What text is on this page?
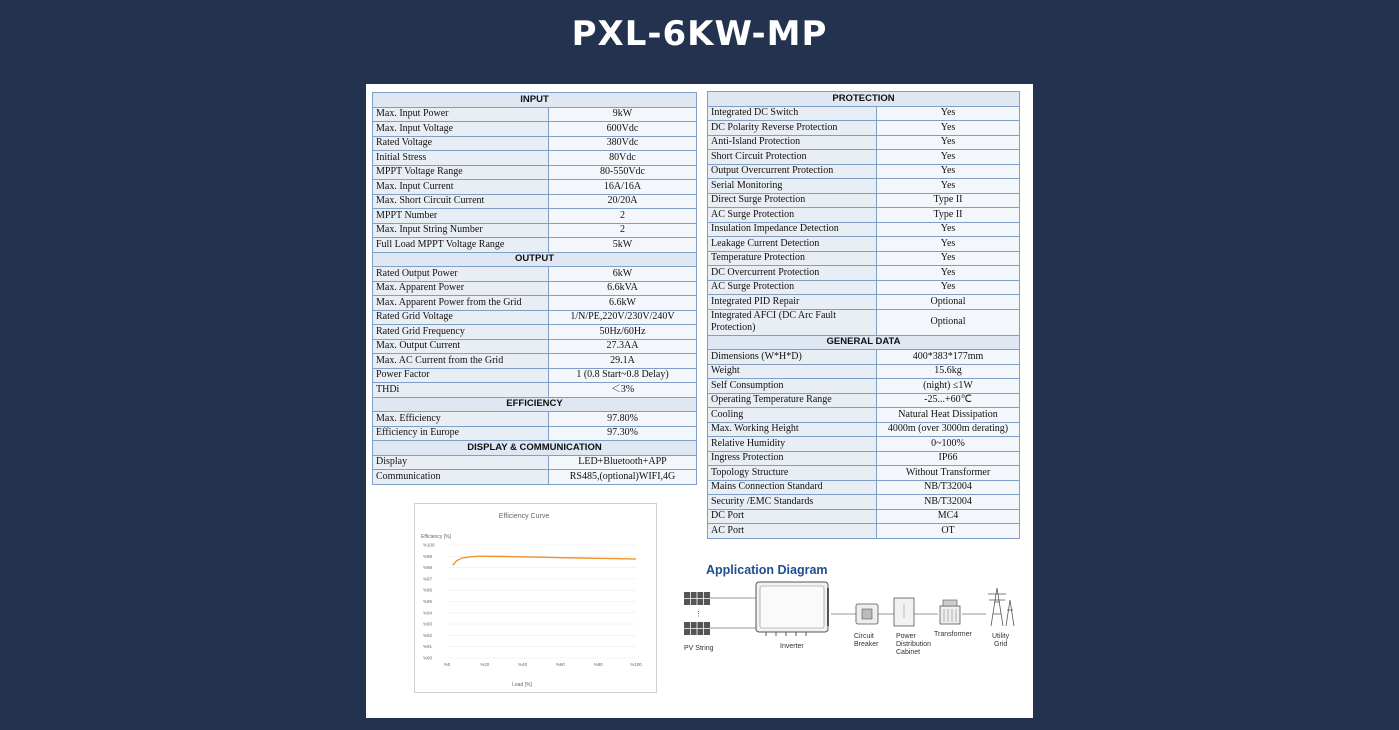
PXL-6KW-MP
INPUT	
Max. Input Power	9kW
Max. Input Voltage	600Vdc
Rated Voltage	380Vdc
Initial Stress	80Vdc
MPPT Voltage Range	80-550Vdc
Max. Input Current	16A/16A
Max. Short Circuit Current	20/20A
MPPT Number	2
Max. Input String Number	2
Full Load MPPT Voltage Range	5kW
OUTPUT	
Rated Output Power	6kW
Max. Apparent Power	6.6kVA
Max. Apparent Power from the Grid	6.6kW
Rated Grid Voltage	1/N/PE,220V/230V/240V
Rated Grid Frequency	50Hz/60Hz
Max. Output Current	27.3AA
Max. AC Current from the Grid	29.1A
Power Factor	1 (0.8 Start~0.8 Delay)
THDi	＜3%
EFFICIENCY	
Max. Efficiency	97.80%
Efficiency in Europe	97.30%
DISPLAY & COMMUNICATION	
Display	LED+Bluetooth+APP
Communication	RS485,(optional)WIFI,4G
PROTECTION	
Integrated DC Switch	Yes
DC Polarity Reverse Protection	Yes
Anti-Island Protection	Yes
Short Circuit Protection	Yes
Output Overcurrent Protection	Yes
Serial Monitoring	Yes
Direct Surge Protection	Type II
AC Surge Protection	Type II
Insulation Impedance Detection	Yes
Leakage Current Detection	Yes
Temperature Protection	Yes
DC Overcurrent Protection	Yes
AC Surge Protection	Yes
Integrated PID Repair	Optional
Integrated AFCI (DC Arc Fault Protection)	Optional
GENERAL DATA	
Dimensions (W*H*D)	400*383*177mm
Weight	15.6kg
Self Consumption	(night) ≤1W
Operating Temperature Range	-25...+60℃
Cooling	Natural Heat Dissipation
Max. Working Height	4000m (over 3000m derating)
Relative Humidity	0~100%
Ingress Protection	IP66
Topology Structure	Without Transformer
Mains Connection Standard	NB/T32004
Security /EMC Standards	NB/T32004
DC Port	MC4
AC Port	OT
Efficiency Curve
Efficiency [%]
Load [%]
%100
%99
%98
%97
%96
%95
%94
%93
%92
%91
%90
%0	%20	%40	%60	%80	%100
Application Diagram
⋮
PV String	Inverter
Circuit
Breaker
Power
Distribution
Cabinet
Transformer	Utility
Grid
